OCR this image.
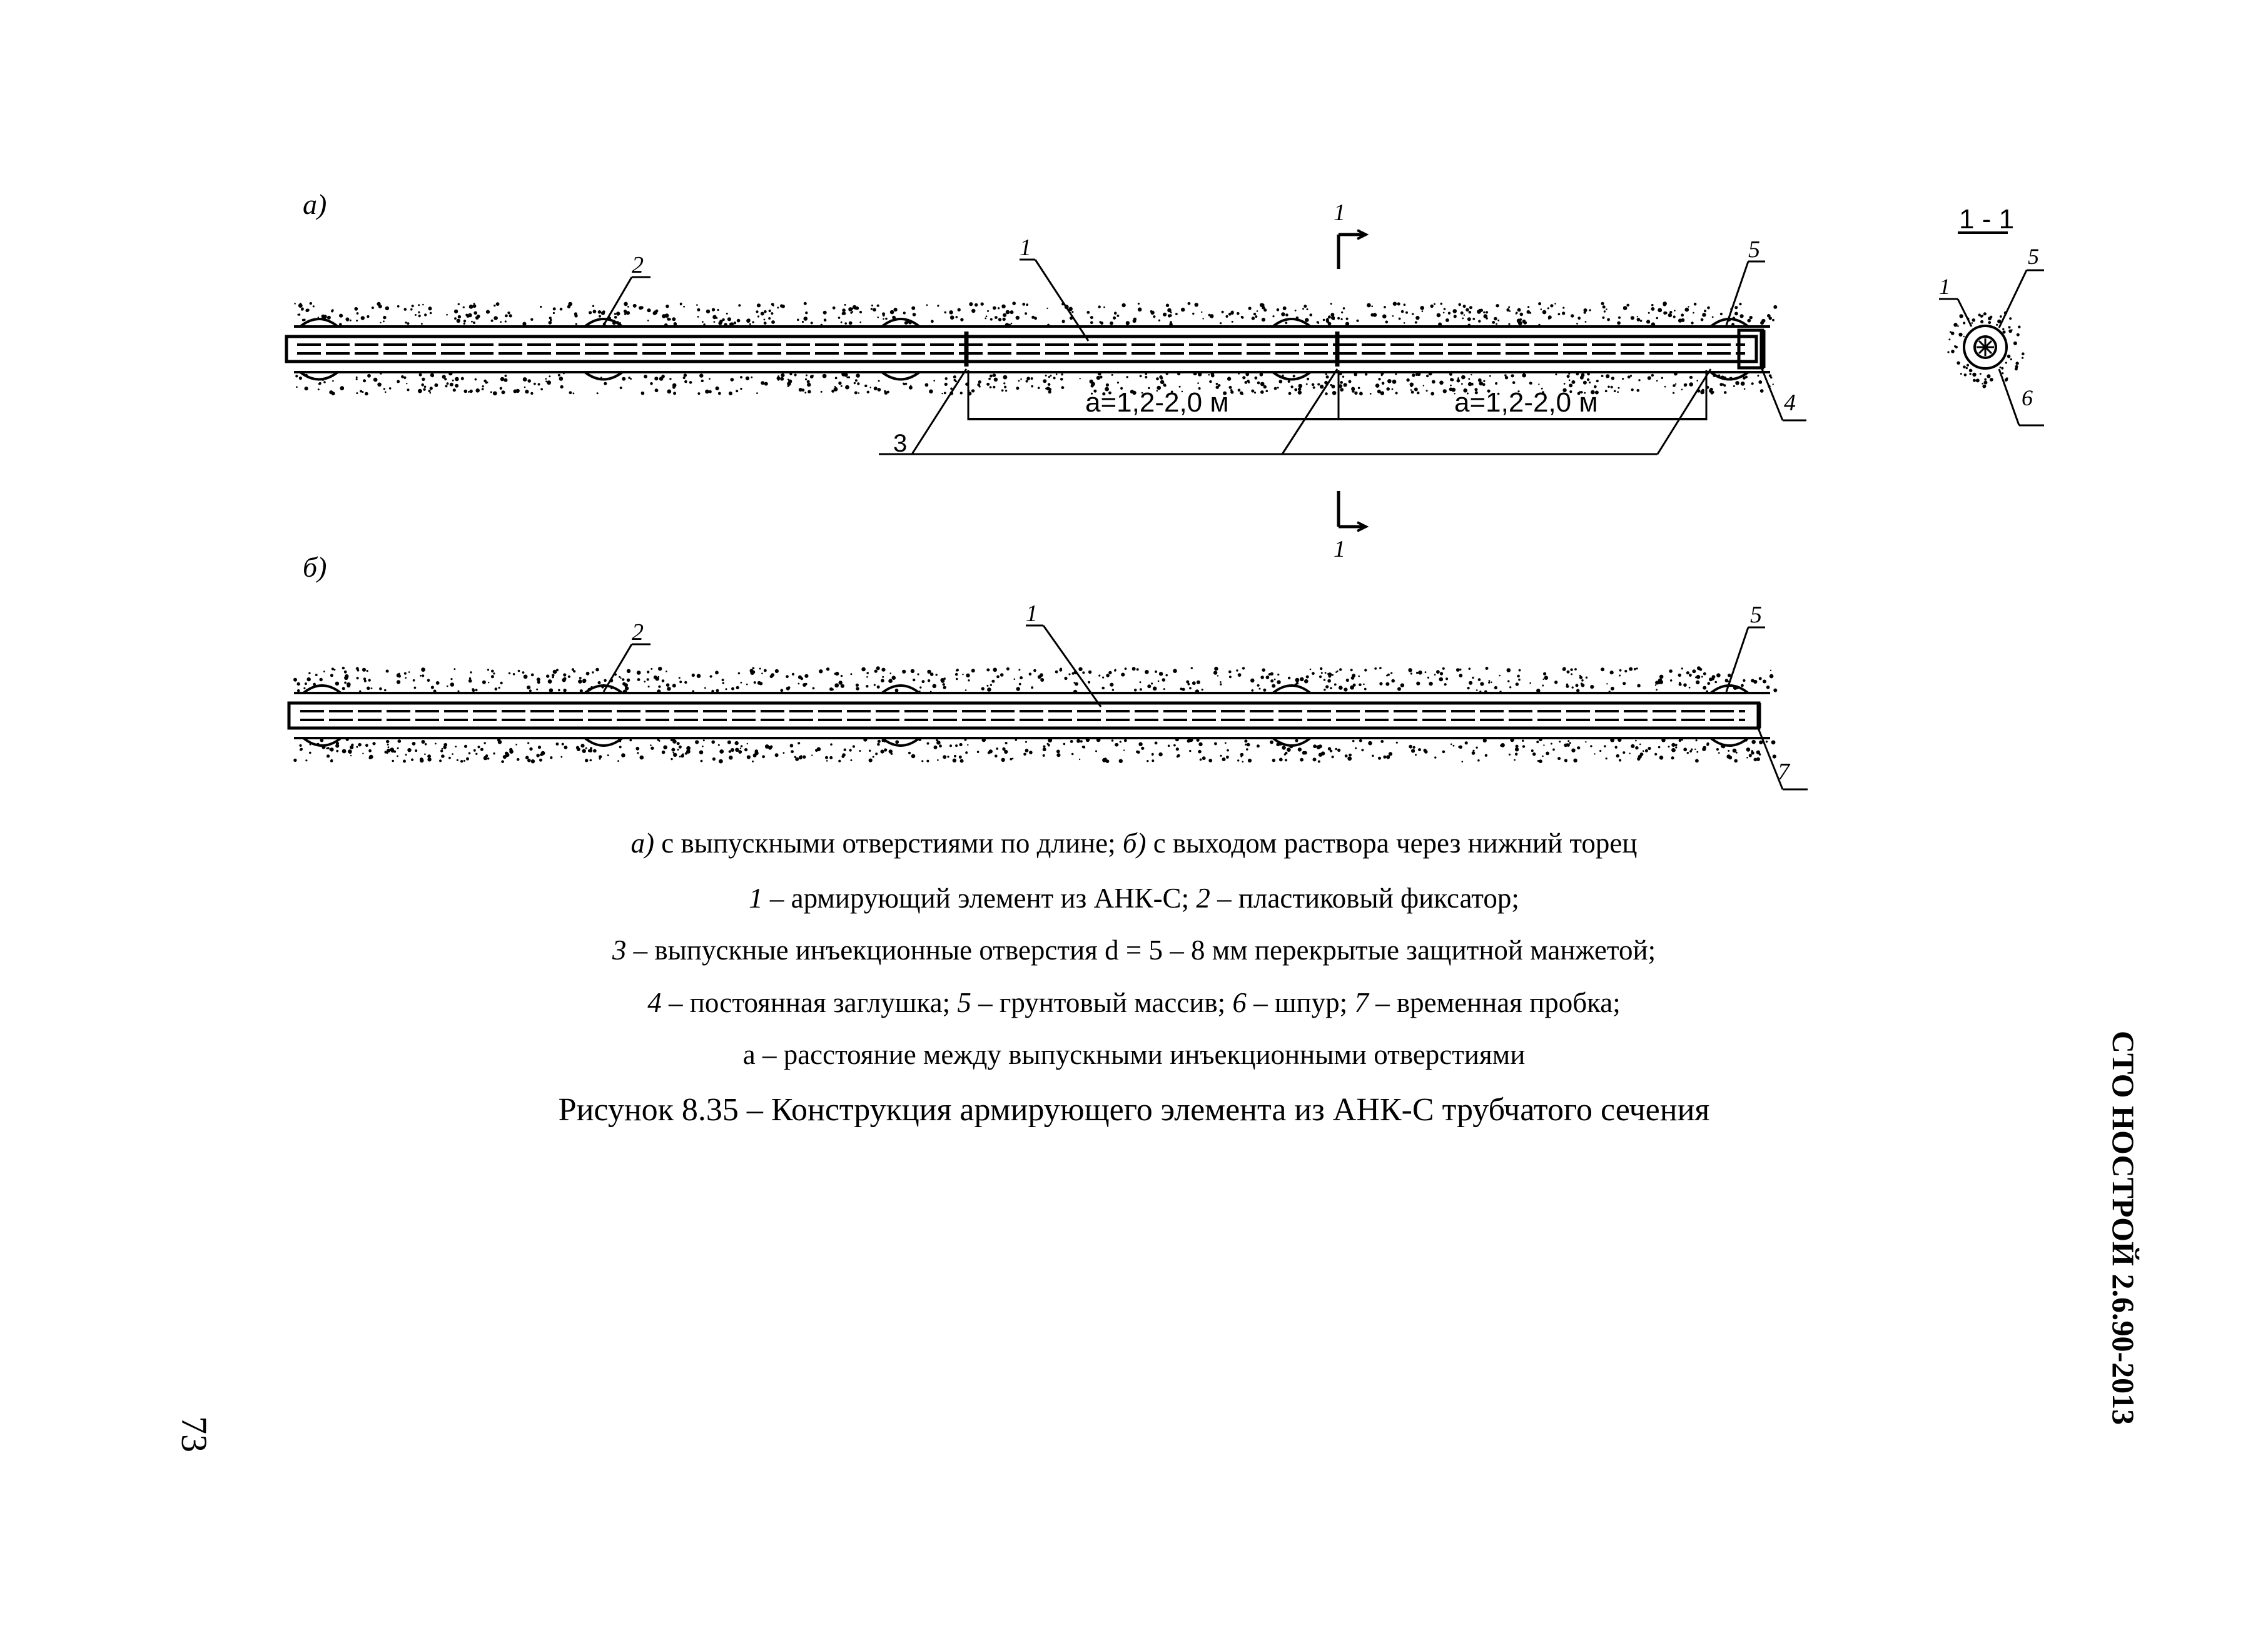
а)
1
2
5
4
3
1
1
a=1,2-2,0 м	a=1,2-2,0 м
1 - 1
1
5
6
б)
1
2
5
7
а) с выпускными отверстиями по длине; б) с выходом раствора через нижний торец
1 – армирующий элемент из АНК-С; 2 – пластиковый фиксатор;
3 – выпускные инъекционные отверстия d = 5 – 8 мм перекрытые защитной манжетой;
4 – постоянная заглушка; 5 – грунтовый массив; 6 – шпур; 7 – временная пробка;
а – расстояние между выпускными инъекционными отверстиями
Рисунок 8.35 – Конструкция армирующего элемента из АНК-С трубчатого сечения	СТО НОСТРОЙ 2.6.90-2013
73
